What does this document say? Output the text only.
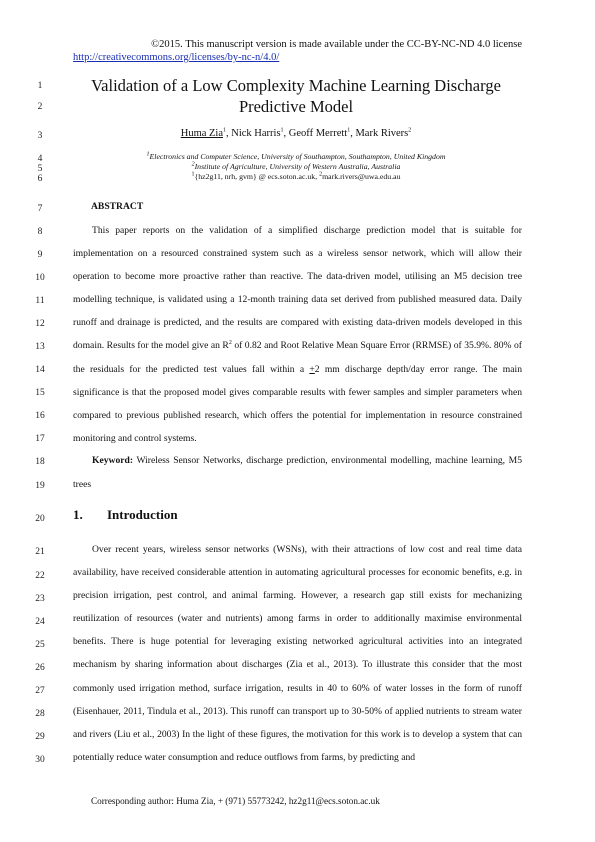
©2015. This manuscript version is made available under the CC-BY-NC-ND 4.0 license
http://creativecommons.org/licenses/by-nc-n/4.0/
1
2
3
4
5
6
7
8
9
10
11
12
13
14
15
16
17
18
19
20
21
22
23
24
25
26
27
28
29
30
Validation of a Low Complexity Machine Learning Discharge
Predictive Model
Huma Zia$^1$, Nick Harris$^1$, Geoff Merrett$^1$, Mark Rivers$^2$
$^1$Electronics and Computer Science, University of Southampton, Southampton, United Kingdom
$^2$Institute of Agriculture, University of Western Australia, Australia
$^1${hz2g11, nrh, gvm} @ ecs.soton.ac.uk, $^2$mark.rivers@uwa.edu.au
ABSTRACT

This paper reports on the validation of a simplified discharge prediction model that is suitable for implementation on a resourced constrained system such as a wireless sensor network, which will allow their operation to become more proactive rather than reactive. The data-driven model, utilising an M5 decision tree modelling technique, is validated using a 12-month training data set derived from published measured data. Daily runoff and drainage is predicted, and the results are compared with existing data-driven models developed in this domain. Results for the model give an $R^2$ of 0.82 and Root Relative Mean Square Error (RRMSE) of 35.9%. 80% of the residuals for the predicted test values fall within a +2 mm discharge depth/day error range. The main significance is that the proposed model gives comparable results with fewer samples and simpler parameters when compared to previous published research, which offers the potential for implementation in resource constrained monitoring and control systems.

Keyword: Wireless Sensor Networks, discharge prediction, environmental modelling, machine learning, M5 trees

1. Introduction

Over recent years, wireless sensor networks (WSNs), with their attractions of low cost and real time data availability, have received considerable attention in automating agricultural processes for economic benefits, e.g. in precision irrigation, pest control, and animal farming. However, a research gap still exists for mechanizing reutilization of resources (water and nutrients) among farms in order to additionally maximise environmental benefits. There is huge potential for leveraging existing networked agricultural activities into an integrated mechanism by sharing information about discharges (Zia et al., 2013). To illustrate this consider that the most commonly used irrigation method, surface irrigation, results in 40 to 60% of water losses in the form of runoff (Eisenhauer, 2011, Tindula et al., 2013). This runoff can transport up to 30-50% of applied nutrients to stream water and rivers (Liu et al., 2003) In the light of these figures, the motivation for this work is to develop a system that can potentially reduce water consumption and reduce outflows from farms, by predicting and

Corresponding author: Huma Zia, + (971) 55773242, hz2g11@ecs.soton.ac.uk
